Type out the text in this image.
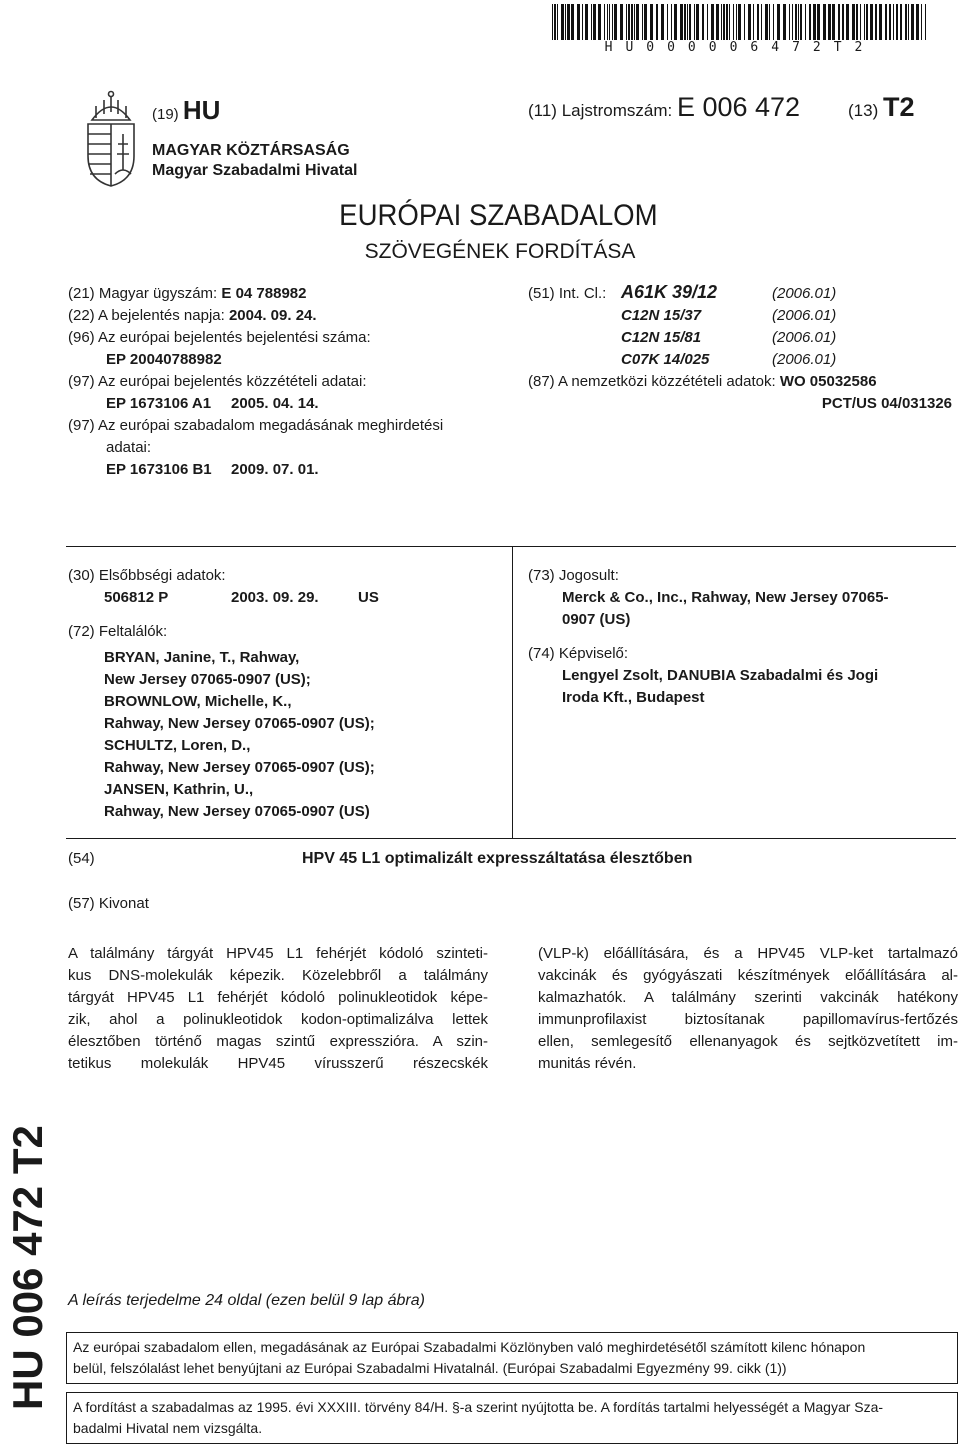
HU000006472T2
(19) HU
MAGYAR KÖZTÁRSASÁG
Magyar Szabadalmi Hivatal
(11) Lajstromszám: E 006 472	(13) T2
EURÓPAI SZABADALOM
SZÖVEGÉNEK FORDÍTÁSA
(21) Magyar ügyszám: E 04 788982
(22) A bejelentés napja: 2004. 09. 24.
(96) Az európai bejelentés bejelentési száma:
EP 20040788982
(97) Az európai bejelentés közzétételi adatai:
EP 1673106 A1 2005. 04. 14.
(97) Az európai szabadalom megadásának meghirdetési
adatai:
EP 1673106 B1 2009. 07. 01.
(51) Int. Cl.: A61K 39/12	(2006.01)
C12N 15/37	(2006.01)
C12N 15/81	(2006.01)
C07K 14/025	(2006.01)
(87) A nemzetközi közzétételi adatok: WO 05032586
PCT/US 04/031326
(30) Elsőbbségi adatok:
506812 P	2003. 09. 29.	US
(72) Feltalálók:
BRYAN, Janine, T., Rahway,
New Jersey 07065-0907 (US);
BROWNLOW, Michelle, K.,
Rahway, New Jersey 07065-0907 (US);
SCHULTZ, Loren, D.,
Rahway, New Jersey 07065-0907 (US);
JANSEN, Kathrin, U.,
Rahway, New Jersey 07065-0907 (US)
(73) Jogosult:
Merck & Co., Inc., Rahway, New Jersey 07065-
0907 (US)
(74) Képviselő:
Lengyel Zsolt, DANUBIA Szabadalmi és Jogi
Iroda Kft., Budapest
(54)	HPV 45 L1 optimalizált expresszáltatása élesztőben
(57) Kivonat
A találmány tárgyát HPV45 L1 fehérjét kódoló szinteti-
kus DNS-molekulák képezik. Közelebbről a találmány
tárgyát HPV45 L1 fehérjét kódoló polinukleotidok képe-
zik, ahol a polinukleotidok kodon-optimalizálva lettek
élesztőben történő magas szintű expresszióra. A szin-
tetikus molekulák HPV45 vírusszerű részecskék
(VLP-k) előállítására, és a HPV45 VLP-ket tartalmazó
vakcinák és gyógyászati készítmények előállítására al-
kalmazhatók. A találmány szerinti vakcinák hatékony
immunprofilaxist biztosítanak papillomavírus-fertőzés
ellen, semlegesítő ellenanyagok és sejtközvetített im-
munitás révén.
HU 006 472 T2 A leírás terjedelme 24 oldal (ezen belül 9 lap ábra)
Az európai szabadalom ellen, megadásának az Európai Szabadalmi Közlönyben való meghirdetésétől számított kilenc hónapon
belül, felszólalást lehet benyújtani az Európai Szabadalmi Hivatalnál. (Európai Szabadalmi Egyezmény 99. cikk (1))
A fordítást a szabadalmas az 1995. évi XXXIII. törvény 84/H. §-a szerint nyújtotta be. A fordítás tartalmi helyességét a Magyar Sza-
badalmi Hivatal nem vizsgálta.
